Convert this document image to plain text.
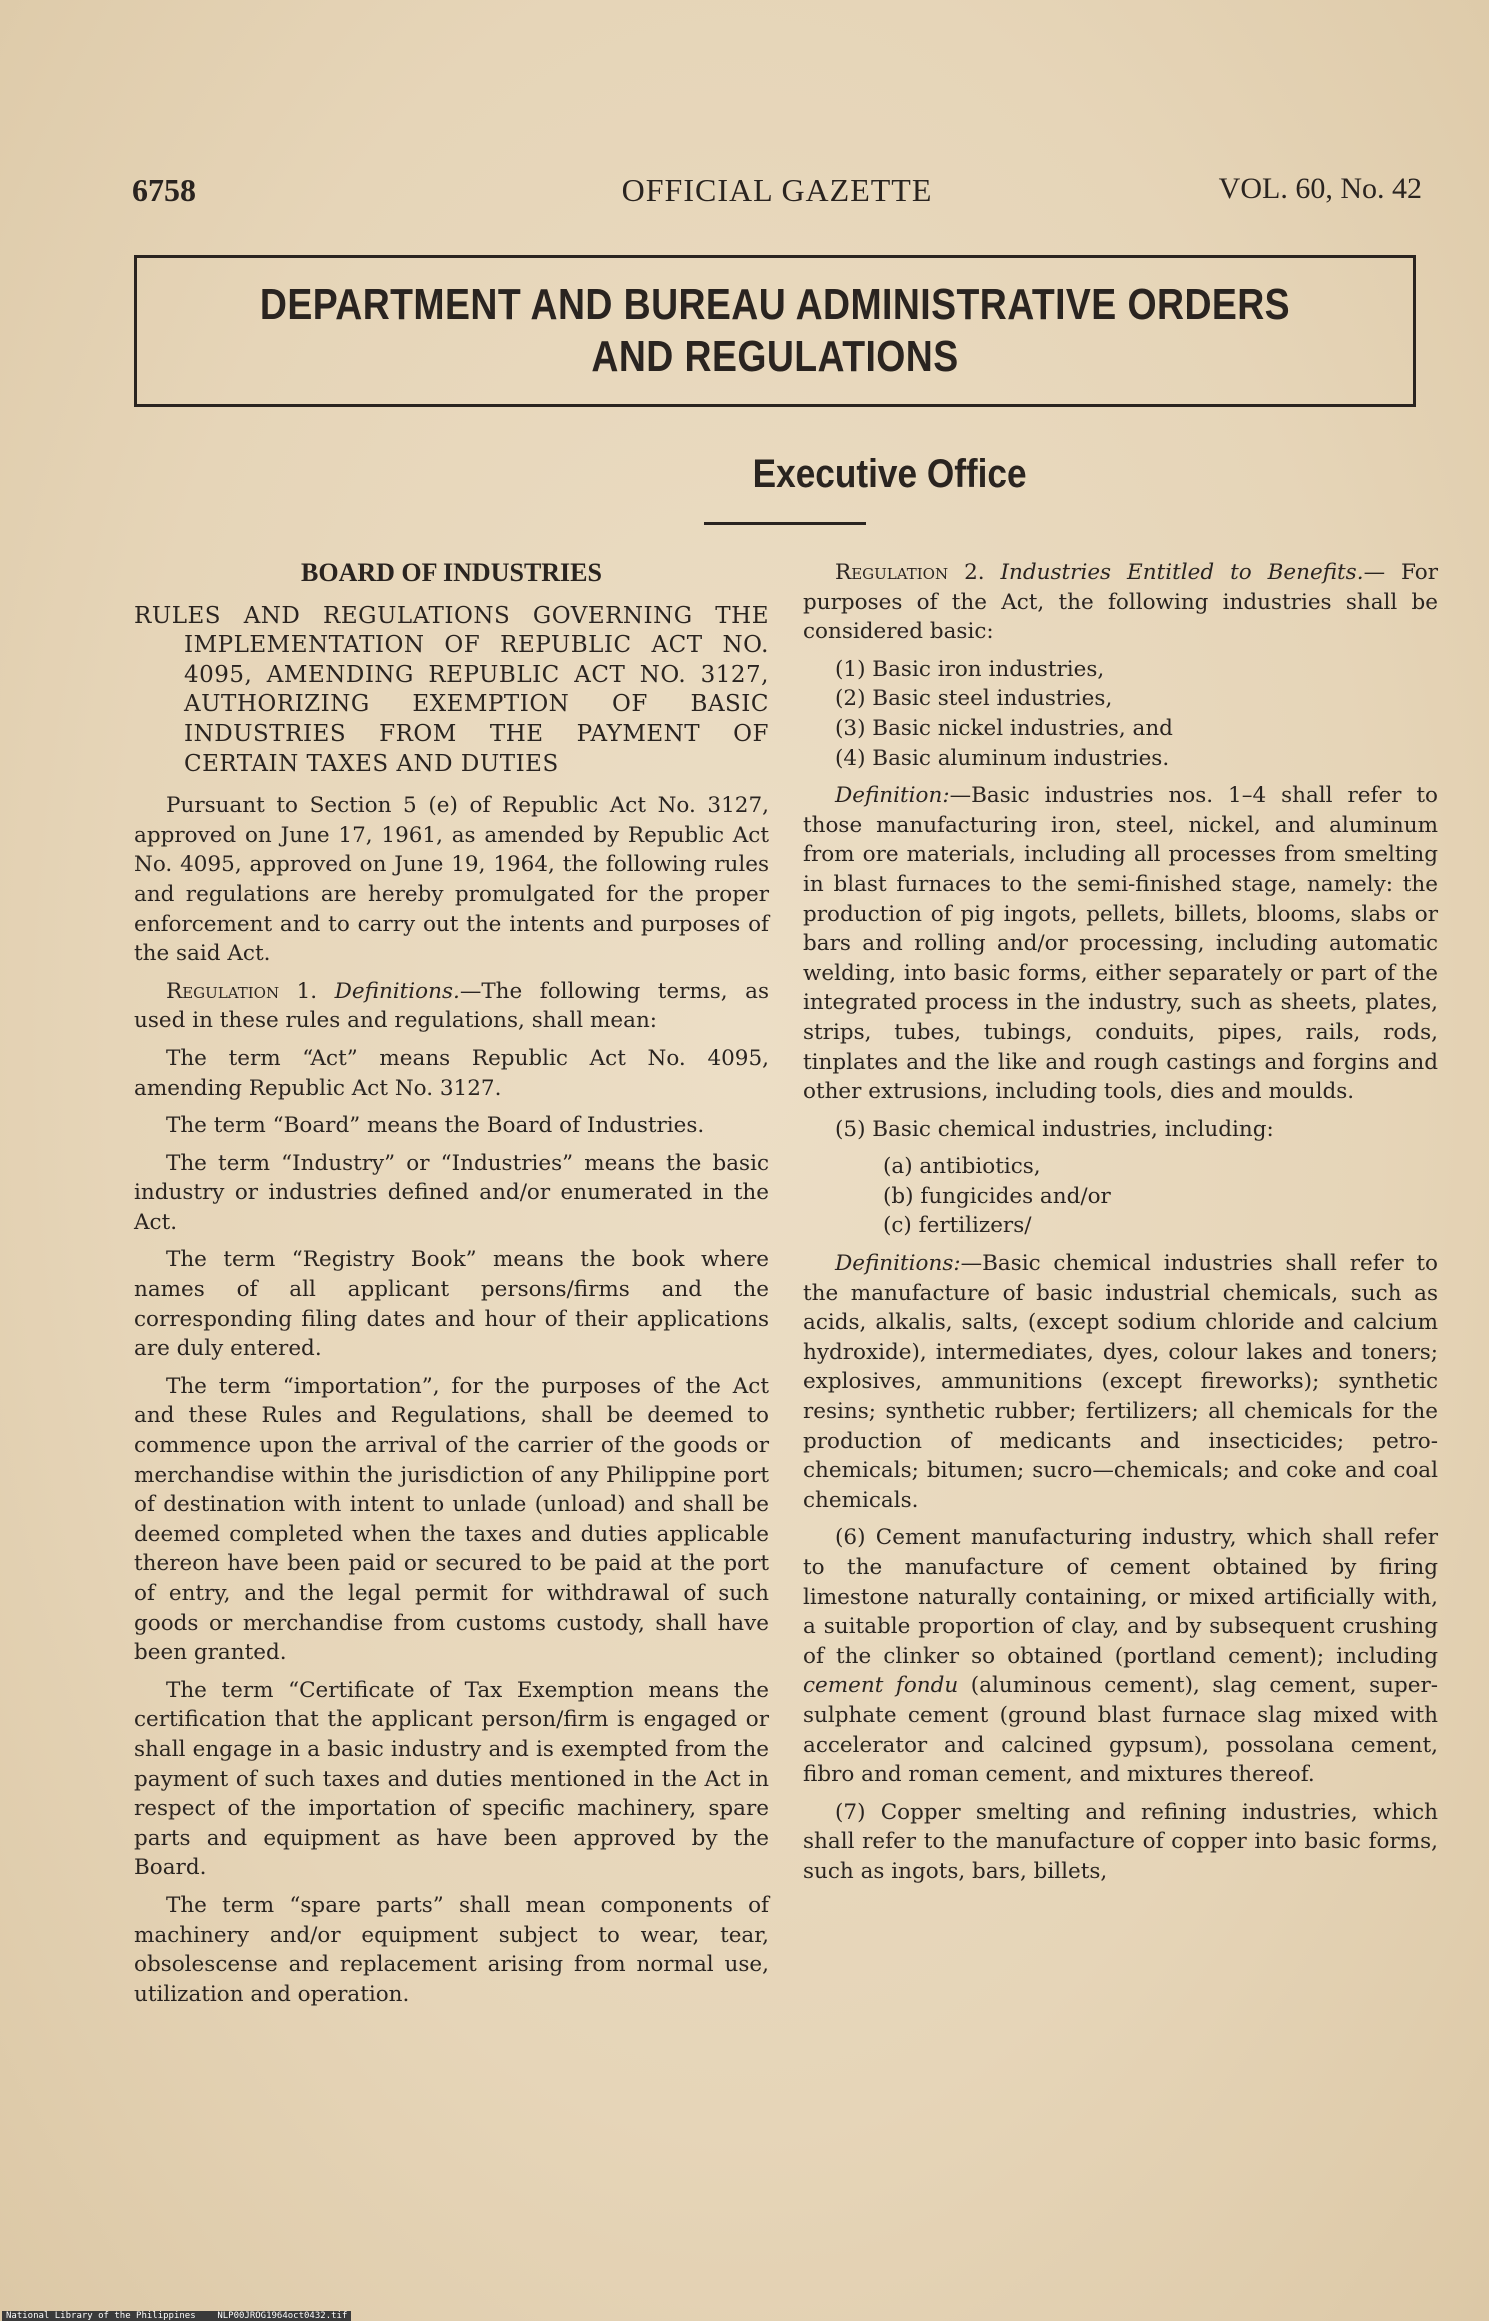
6758	OFFICIAL GAZETTE	VOL. 60, No. 42
DEPARTMENT AND BUREAU ADMINISTRATIVE ORDERS
AND REGULATIONS
Executive Office
BOARD OF INDUSTRIES
RULES AND REGULATIONS GOVERNING THE IMPLEMENTATION OF REPUBLIC ACT NO. 4095, AMENDING REPUBLIC ACT NO. 3127, AUTHORIZING EXEMPTION OF BASIC INDUSTRIES FROM THE PAYMENT OF CERTAIN TAXES AND DUTIES

Pursuant to Section 5 (e) of Republic Act No. 3127, approved on June 17, 1961, as amended by Republic Act No. 4095, approved on June 19, 1964, the following rules and regulations are hereby promulgated for the proper enforcement and to carry out the intents and purposes of the said Act.

Regulation 1. Definitions.—The following terms, as used in these rules and regulations, shall mean:

The term “Act” means Republic Act No. 4095, amending Republic Act No. 3127.

The term “Board” means the Board of Industries.

The term “Industry” or “Industries” means the basic industry or industries defined and/or enumerated in the Act.

The term “Registry Book” means the book where names of all applicant persons/firms and the corresponding filing dates and hour of their applications are duly entered.

The term “importation”, for the purposes of the Act and these Rules and Regulations, shall be deemed to commence upon the arrival of the carrier of the goods or merchandise within the jurisdiction of any Philippine port of destination with intent to unlade (unload) and shall be deemed completed when the taxes and duties applicable thereon have been paid or secured to be paid at the port of entry, and the legal permit for withdrawal of such goods or merchandise from customs custody, shall have been granted.

The term “Certificate of Tax Exemption means the certification that the applicant person/firm is engaged or shall engage in a basic industry and is exempted from the payment of such taxes and duties mentioned in the Act in respect of the importation of specific machinery, spare parts and equipment as have been approved by the Board.

The term “spare parts” shall mean components of machinery and/or equipment subject to wear, tear, obsolescense and replacement arising from normal use, utilization and operation.

Regulation 2. Industries Entitled to Benefits.— For purposes of the Act, the following industries shall be considered basic:

(1) Basic iron industries,

(2) Basic steel industries,

(3) Basic nickel industries, and

(4) Basic aluminum industries.

Definition:—Basic industries nos. 1–4 shall refer to those manufacturing iron, steel, nickel, and aluminum from ore materials, including all processes from smelting in blast furnaces to the semi-finished stage, namely: the production of pig ingots, pellets, billets, blooms, slabs or bars and rolling and/or processing, including automatic welding, into basic forms, either separately or part of the integrated process in the industry, such as sheets, plates, strips, tubes, tubings, conduits, pipes, rails, rods, tinplates and the like and rough castings and forgins and other extrusions, including tools, dies and moulds.

(5) Basic chemical industries, including:

(a) antibiotics,

(b) fungicides and/or

(c) fertilizers/

Definitions:—Basic chemical industries shall refer to the manufacture of basic industrial chemicals, such as acids, alkalis, salts, (except sodium chloride and calcium hydroxide), intermediates, dyes, colour lakes and toners; explosives, ammunitions (except fireworks); synthetic resins; synthetic rubber; fertilizers; all chemicals for the production of medicants and insecticides; petro-chemicals; bitumen; sucro—chemicals; and coke and coal chemicals.

(6) Cement manufacturing industry, which shall refer to the manufacture of cement obtained by firing limestone naturally containing, or mixed artificially with, a suitable proportion of clay, and by subsequent crushing of the clinker so obtained (portland cement); including cement fondu (aluminous cement), slag cement, super-sulphate cement (ground blast furnace slag mixed with accelerator and calcined gypsum), possolana cement, fibro and roman cement, and mixtures thereof.

(7) Copper smelting and refining industries, which shall refer to the manufacture of copper into basic forms, such as ingots, bars, billets,

National Library of the Philippines    NLP00JROG1964oct0432.tif
